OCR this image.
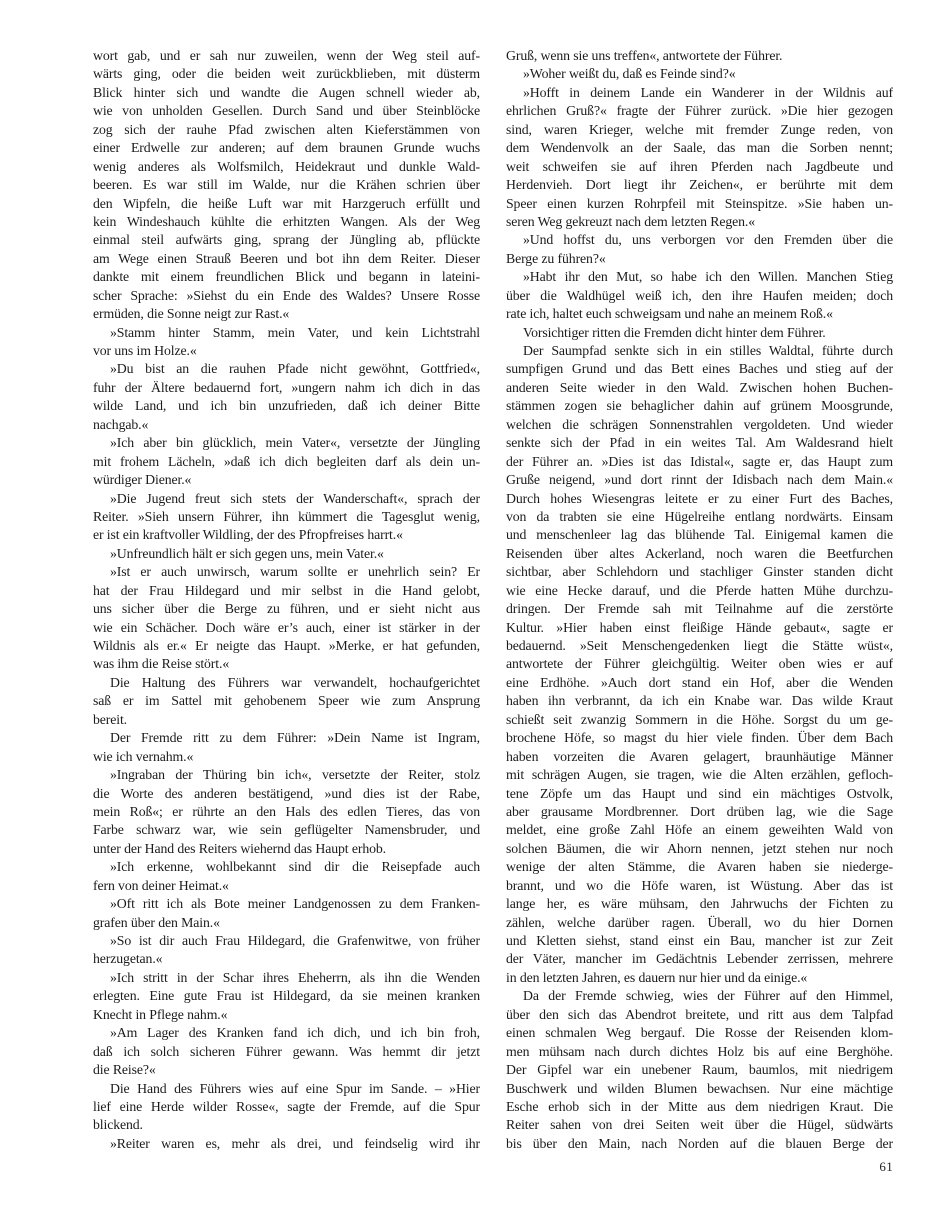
wort gab, und er sah nur zuweilen, wenn der Weg steil auf-
wärts ging, oder die beiden weit zurückblieben, mit düsterm
Blick hinter sich und wandte die Augen schnell wieder ab,
wie von unholden Gesellen. Durch Sand und über Steinblöcke
zog sich der rauhe Pfad zwischen alten Kieferstämmen von
einer Erdwelle zur anderen; auf dem braunen Grunde wuchs
wenig anderes als Wolfsmilch, Heidekraut und dunkle Wald-
beeren. Es war still im Walde, nur die Krähen schrien über
den Wipfeln, die heiße Luft war mit Harzgeruch erfüllt und
kein Windeshauch kühlte die erhitzten Wangen. Als der Weg
einmal steil aufwärts ging, sprang der Jüngling ab, pflückte
am Wege einen Strauß Beeren und bot ihn dem Reiter. Dieser
dankte mit einem freundlichen Blick und begann in lateini-
scher Sprache: »Siehst du ein Ende des Waldes? Unsere Rosse
ermüden, die Sonne neigt zur Rast.«
»Stamm hinter Stamm, mein Vater, und kein Lichtstrahl
vor uns im Holze.«
»Du bist an die rauhen Pfade nicht gewöhnt, Gottfried«,
fuhr der Ältere bedauernd fort, »ungern nahm ich dich in das
wilde Land, und ich bin unzufrieden, daß ich deiner Bitte
nachgab.«
»Ich aber bin glücklich, mein Vater«, versetzte der Jüngling
mit frohem Lächeln, »daß ich dich begleiten darf als dein un-
würdiger Diener.«
»Die Jugend freut sich stets der Wanderschaft«, sprach der
Reiter. »Sieh unsern Führer, ihn kümmert die Tagesglut wenig,
er ist ein kraftvoller Wildling, der des Pfropfreises harrt.«
»Unfreundlich hält er sich gegen uns, mein Vater.«
»Ist er auch unwirsch, warum sollte er unehrlich sein? Er
hat der Frau Hildegard und mir selbst in die Hand gelobt,
uns sicher über die Berge zu führen, und er sieht nicht aus
wie ein Schächer. Doch wäre er’s auch, einer ist stärker in der
Wildnis als er.« Er neigte das Haupt. »Merke, er hat gefunden,
was ihm die Reise stört.«
Die Haltung des Führers war verwandelt, hochaufgerichtet
saß er im Sattel mit gehobenem Speer wie zum Ansprung
bereit.
Der Fremde ritt zu dem Führer: »Dein Name ist Ingram,
wie ich vernahm.«
»Ingraban der Thüring bin ich«, versetzte der Reiter, stolz
die Worte des anderen bestätigend, »und dies ist der Rabe,
mein Roß«; er rührte an den Hals des edlen Tieres, das von
Farbe schwarz war, wie sein geflügelter Namensbruder, und
unter der Hand des Reiters wiehernd das Haupt erhob.
»Ich erkenne, wohlbekannt sind dir die Reisepfade auch
fern von deiner Heimat.«
»Oft ritt ich als Bote meiner Landgenossen zu dem Franken-
grafen über den Main.«
»So ist dir auch Frau Hildegard, die Grafenwitwe, von früher
herzugetan.«
»Ich stritt in der Schar ihres Eheherrn, als ihn die Wenden
erlegten. Eine gute Frau ist Hildegard, da sie meinen kranken
Knecht in Pflege nahm.«
»Am Lager des Kranken fand ich dich, und ich bin froh,
daß ich solch sicheren Führer gewann. Was hemmt dir jetzt
die Reise?«
Die Hand des Führers wies auf eine Spur im Sande. – »Hier
lief eine Herde wilder Rosse«, sagte der Fremde, auf die Spur
blickend.
»Reiter waren es, mehr als drei, und feindselig wird ihr
Gruß, wenn sie uns treffen«, antwortete der Führer.
»Woher weißt du, daß es Feinde sind?«
»Hofft in deinem Lande ein Wanderer in der Wildnis auf
ehrlichen Gruß?« fragte der Führer zurück. »Die hier gezogen
sind, waren Krieger, welche mit fremder Zunge reden, von
dem Wendenvolk an der Saale, das man die Sorben nennt;
weit schweifen sie auf ihren Pferden nach Jagdbeute und
Herdenvieh. Dort liegt ihr Zeichen«, er berührte mit dem
Speer einen kurzen Rohrpfeil mit Steinspitze. »Sie haben un-
seren Weg gekreuzt nach dem letzten Regen.«
»Und hoffst du, uns verborgen vor den Fremden über die
Berge zu führen?«
»Habt ihr den Mut, so habe ich den Willen. Manchen Stieg
über die Waldhügel weiß ich, den ihre Haufen meiden; doch
rate ich, haltet euch schweigsam und nahe an meinem Roß.«
Vorsichtiger ritten die Fremden dicht hinter dem Führer.
Der Saumpfad senkte sich in ein stilles Waldtal, führte durch
sumpfigen Grund und das Bett eines Baches und stieg auf der
anderen Seite wieder in den Wald. Zwischen hohen Buchen-
stämmen zogen sie behaglicher dahin auf grünem Moosgrunde,
welchen die schrägen Sonnenstrahlen vergoldeten. Und wieder
senkte sich der Pfad in ein weites Tal. Am Waldesrand hielt
der Führer an. »Dies ist das Idistal«, sagte er, das Haupt zum
Gruße neigend, »und dort rinnt der Idisbach nach dem Main.«
Durch hohes Wiesengras leitete er zu einer Furt des Baches,
von da trabten sie eine Hügelreihe entlang nordwärts. Einsam
und menschenleer lag das blühende Tal. Einigemal kamen die
Reisenden über altes Ackerland, noch waren die Beetfurchen
sichtbar, aber Schlehdorn und stachliger Ginster standen dicht
wie eine Hecke darauf, und die Pferde hatten Mühe durchzu-
dringen. Der Fremde sah mit Teilnahme auf die zerstörte
Kultur. »Hier haben einst fleißige Hände gebaut«, sagte er
bedauernd. »Seit Menschengedenken liegt die Stätte wüst«,
antwortete der Führer gleichgültig. Weiter oben wies er auf
eine Erdhöhe. »Auch dort stand ein Hof, aber die Wenden
haben ihn verbrannt, da ich ein Knabe war. Das wilde Kraut
schießt seit zwanzig Sommern in die Höhe. Sorgst du um ge-
brochene Höfe, so magst du hier viele finden. Über dem Bach
haben vorzeiten die Avaren gelagert, braunhäutige Männer
mit schrägen Augen, sie tragen, wie die Alten erzählen, gefloch-
tene Zöpfe um das Haupt und sind ein mächtiges Ostvolk,
aber grausame Mordbrenner. Dort drüben lag, wie die Sage
meldet, eine große Zahl Höfe an einem geweihten Wald von
solchen Bäumen, die wir Ahorn nennen, jetzt stehen nur noch
wenige der alten Stämme, die Avaren haben sie niederge-
brannt, und wo die Höfe waren, ist Wüstung. Aber das ist
lange her, es wäre mühsam, den Jahrwuchs der Fichten zu
zählen, welche darüber ragen. Überall, wo du hier Dornen
und Kletten siehst, stand einst ein Bau, mancher ist zur Zeit
der Väter, mancher im Gedächtnis Lebender zerrissen, mehrere
in den letzten Jahren, es dauern nur hier und da einige.«
Da der Fremde schwieg, wies der Führer auf den Himmel,
über den sich das Abendrot breitete, und ritt aus dem Talpfad
einen schmalen Weg bergauf. Die Rosse der Reisenden klom-
men mühsam nach durch dichtes Holz bis auf eine Berghöhe.
Der Gipfel war ein unebener Raum, baumlos, mit niedrigem
Buschwerk und wilden Blumen bewachsen. Nur eine mächtige
Esche erhob sich in der Mitte aus dem niedrigen Kraut. Die
Reiter sahen von drei Seiten weit über die Hügel, südwärts
bis über den Main, nach Norden auf die blauen Berge der
61
